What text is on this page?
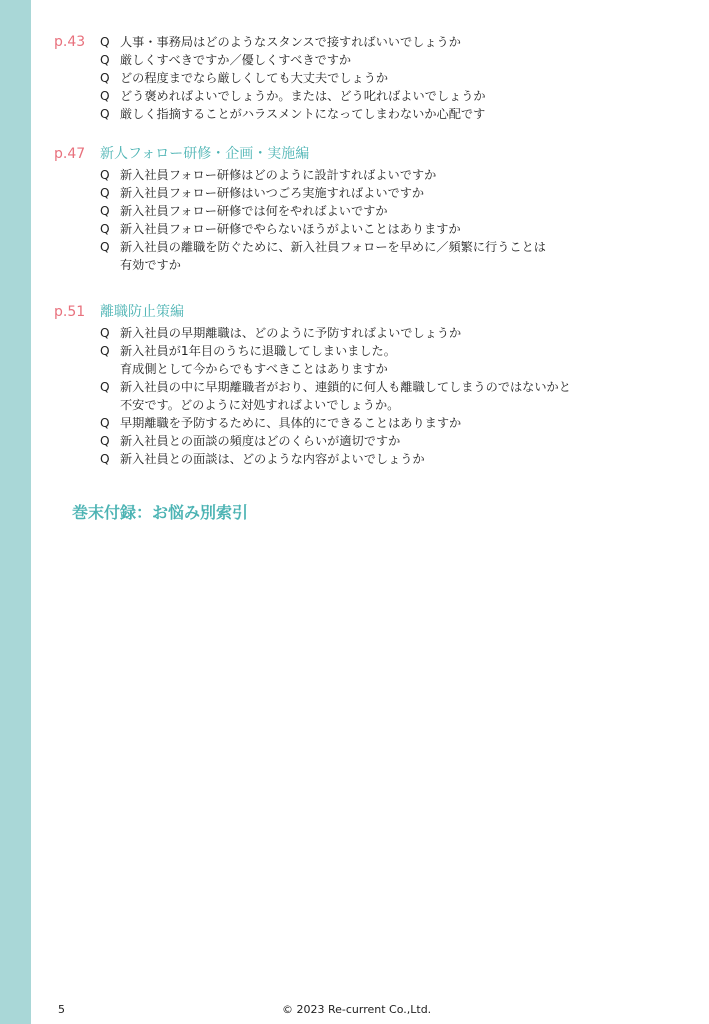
p.43	Q 人事・事務局はどのようなスタンスで接すればいいでしょうか
Q 厳しくすべきですか／優しくすべきですか
Q どの程度までなら厳しくしても大丈夫でしょうか
Q どう褒めればよいでしょうか。または、どう叱ればよいでしょうか
Q 厳しく指摘することがハラスメントになってしまわないか心配です
p.47	新人フォロー研修・企画・実施編
Q 新入社員フォロー研修はどのように設計すればよいですか
Q 新入社員フォロー研修はいつごろ実施すればよいですか
Q 新入社員フォロー研修では何をやればよいですか
Q 新入社員フォロー研修でやらないほうがよいことはありますか
Q 新入社員の離職を防ぐために、新入社員フォローを早めに／頻繁に行うことは
有効ですか
p.51	離職防止策編
Q 新入社員の早期離職は、どのように予防すればよいでしょうか
Q 新入社員が1年目のうちに退職してしまいました。
育成側として今からでもすべきことはありますか
Q 新入社員の中に早期離職者がおり、連鎖的に何人も離職してしまうのではないかと
不安です。どのように対処すればよいでしょうか。
Q 早期離職を予防するために、具体的にできることはありますか
Q 新入社員との面談の頻度はどのくらいが適切ですか
Q 新入社員との面談は、どのような内容がよいでしょうか
巻末付録：お悩み別索引
5	© 2023 Re-current Co.,Ltd.
